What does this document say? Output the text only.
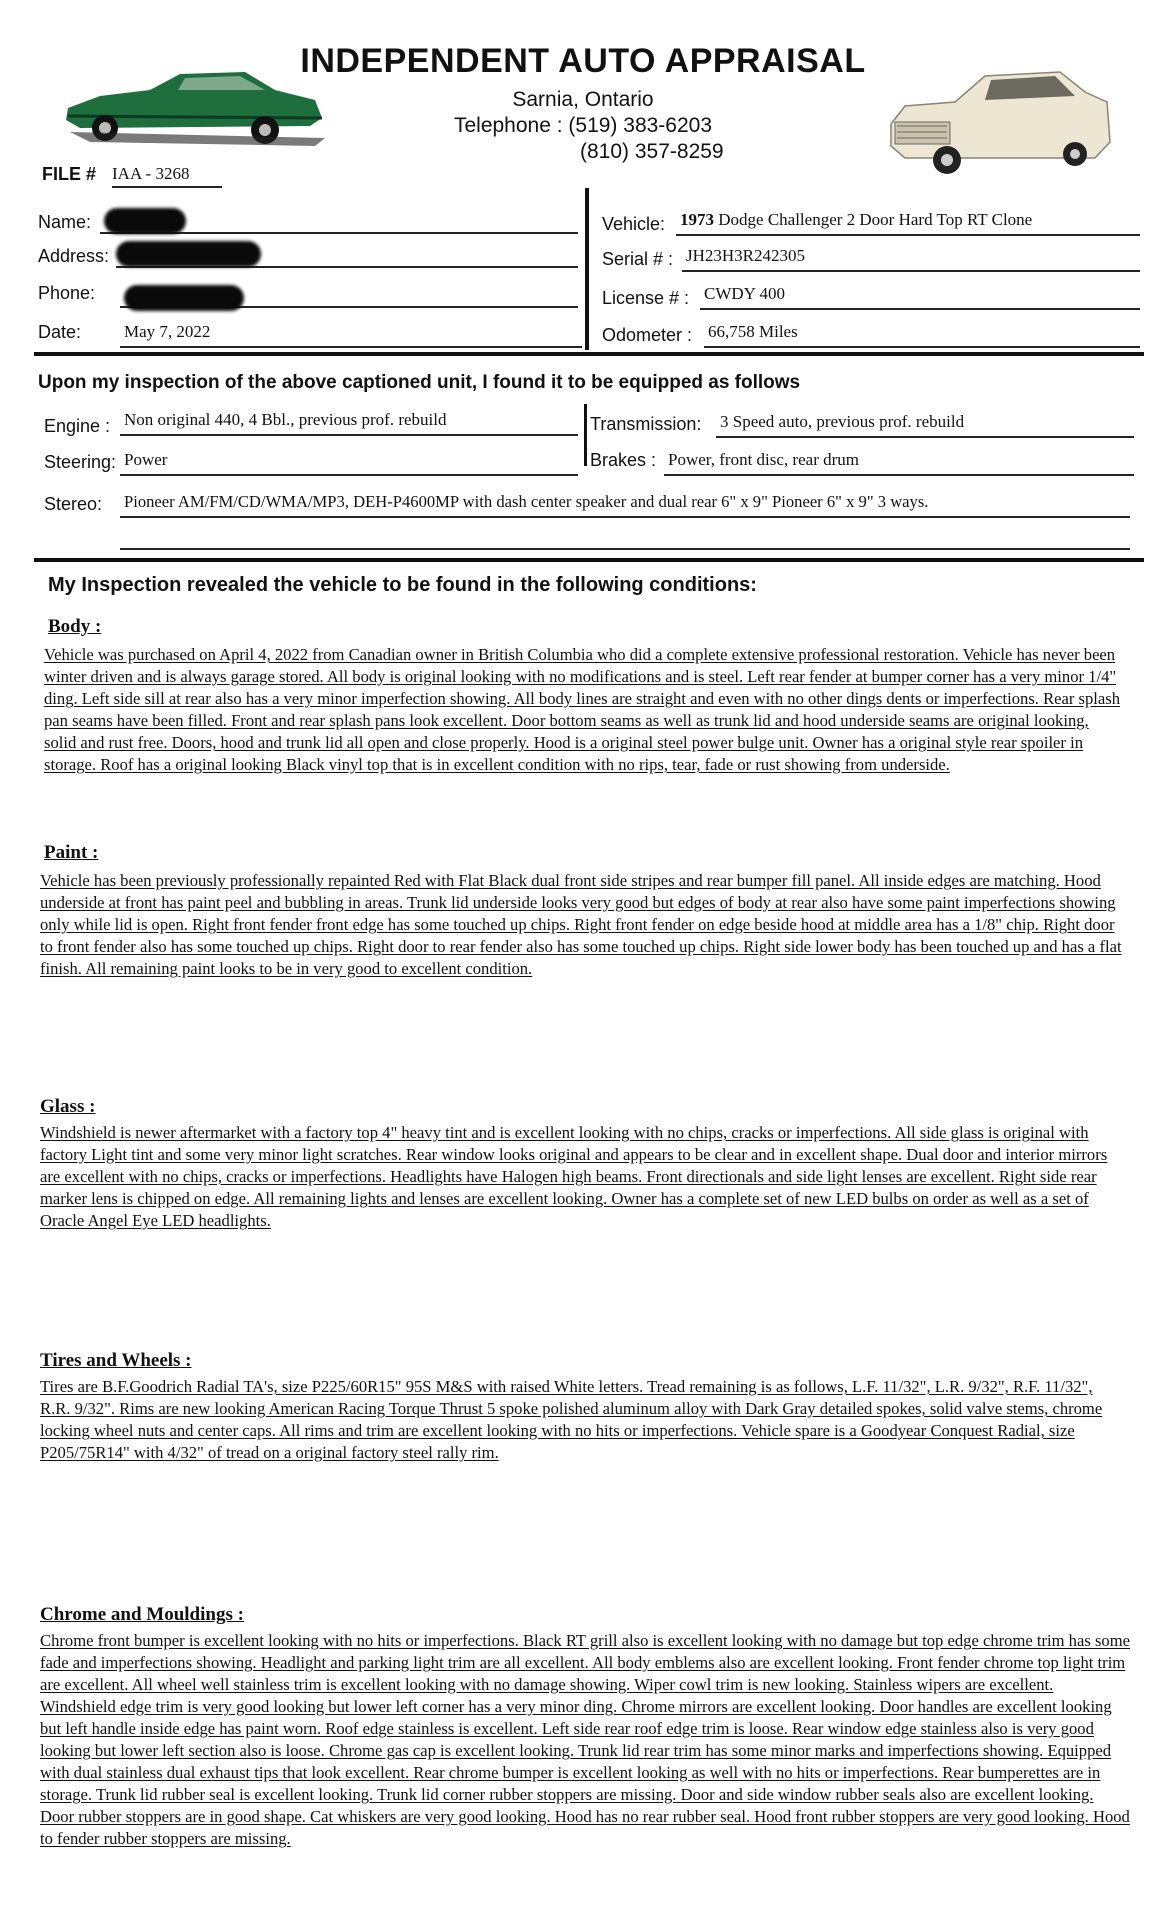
INDEPENDENT AUTO APPRAISAL
Sarnia, Ontario
Telephone : (519) 383-6203
(810) 357-8259
FILE # IAA - 3268
Name:
Address:
Phone:
Date:	May 7, 2022
Vehicle: 1973 Dodge Challenger 2 Door Hard Top RT Clone
Serial # : JH23H3R242305
License # : CWDY 400
Odometer : 66,758 Miles
Upon my inspection of the above captioned unit, I found it to be equipped as follows
Engine : Non original 440, 4 Bbl., previous prof. rebuild	Transmission: 3 Speed auto, previous prof. rebuild
Steering: Power	Brakes : Power, front disc, rear drum
Stereo: Pioneer AM/FM/CD/WMA/MP3, DEH-P4600MP with dash center speaker and dual rear 6" x 9" Pioneer 6" x 9" 3 ways.
My Inspection revealed the vehicle to be found in the following conditions:
Body :
Vehicle was purchased on April 4, 2022 from Canadian owner in British Columbia who did a complete extensive professional restoration. Vehicle has never been winter driven and is always garage stored. All body is original looking with no modifications and is steel. Left rear fender at bumper corner has a very minor 1/4" ding. Left side sill at rear also has a very minor imperfection showing. All body lines are straight and even with no other dings dents or imperfections. Rear splash pan seams have been filled. Front and rear splash pans look excellent. Door bottom seams as well as trunk lid and hood underside seams are original looking, solid and rust free. Doors, hood and trunk lid all open and close properly. Hood is a original steel power bulge unit. Owner has a original style rear spoiler in storage. Roof has a original looking Black vinyl top that is in excellent condition with no rips, tear, fade or rust showing from underside.
Paint :
Vehicle has been previously professionally repainted Red with Flat Black dual front side stripes and rear bumper fill panel. All inside edges are matching. Hood underside at front has paint peel and bubbling in areas. Trunk lid underside looks very good but edges of body at rear also have some paint imperfections showing only while lid is open. Right front fender front edge has some touched up chips. Right front fender on edge beside hood at middle area has a 1/8" chip. Right door to front fender also has some touched up chips. Right door to rear fender also has some touched up chips. Right side lower body has been touched up and has a flat finish. All remaining paint looks to be in very good to excellent condition.
Glass :
Windshield is newer aftermarket with a factory top 4" heavy tint and is excellent looking with no chips, cracks or imperfections. All side glass is original with factory Light tint and some very minor light scratches. Rear window looks original and appears to be clear and in excellent shape. Dual door and interior mirrors are excellent with no chips, cracks or imperfections. Headlights have Halogen high beams. Front directionals and side light lenses are excellent. Right side rear marker lens is chipped on edge. All remaining lights and lenses are excellent looking. Owner has a complete set of new LED bulbs on order as well as a set of Oracle Angel Eye LED headlights.
Tires and Wheels :
Tires are B.F.Goodrich Radial TA's, size P225/60R15" 95S M&S with raised White letters. Tread remaining is as follows, L.F. 11/32", L.R. 9/32", R.F. 11/32", R.R. 9/32". Rims are new looking American Racing Torque Thrust 5 spoke polished aluminum alloy with Dark Gray detailed spokes, solid valve stems, chrome locking wheel nuts and center caps. All rims and trim are excellent looking with no hits or imperfections. Vehicle spare is a Goodyear Conquest Radial, size P205/75R14" with 4/32" of tread on a original factory steel rally rim.
Chrome and Mouldings :
Chrome front bumper is excellent looking with no hits or imperfections. Black RT grill also is excellent looking with no damage but top edge chrome trim has some fade and imperfections showing. Headlight and parking light trim are all excellent. All body emblems also are excellent looking. Front fender chrome top light trim are excellent. All wheel well stainless trim is excellent looking with no damage showing. Wiper cowl trim is new looking. Stainless wipers are excellent. Windshield edge trim is very good looking but lower left corner has a very minor ding. Chrome mirrors are excellent looking. Door handles are excellent looking but left handle inside edge has paint worn. Roof edge stainless is excellent. Left side rear roof edge trim is loose. Rear window edge stainless also is very good looking but lower left section also is loose. Chrome gas cap is excellent looking. Trunk lid rear trim has some minor marks and imperfections showing. Equipped with dual stainless dual exhaust tips that look excellent. Rear chrome bumper is excellent looking as well with no hits or imperfections. Rear bumperettes are in storage. Trunk lid rubber seal is excellent looking. Trunk lid corner rubber stoppers are missing. Door and side window rubber seals also are excellent looking. Door rubber stoppers are in good shape. Cat whiskers are very good looking. Hood has no rear rubber seal. Hood front rubber stoppers are very good looking. Hood to fender rubber stoppers are missing.
